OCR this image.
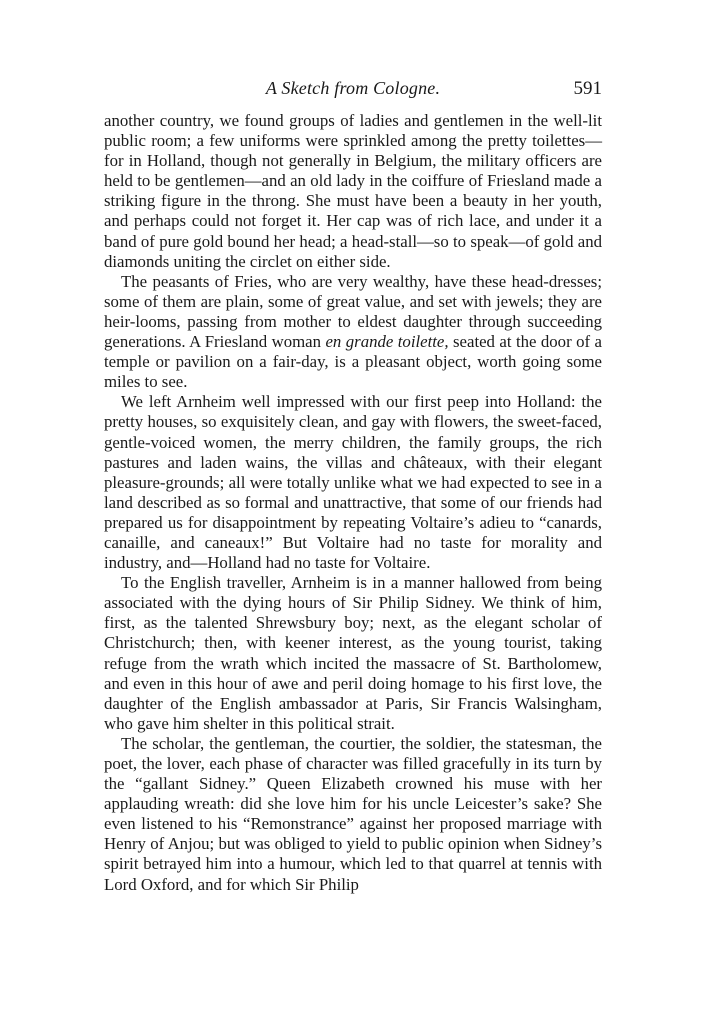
A Sketch from Cologne.	591

another country, we found groups of ladies and gentlemen in the well-lit public room; a few uniforms were sprinkled among the pretty toilettes—for in Holland, though not generally in Belgium, the military officers are held to be gentlemen—and an old lady in the coiffure of Friesland made a striking figure in the throng. She must have been a beauty in her youth, and perhaps could not forget it. Her cap was of rich lace, and under it a band of pure gold bound her head; a head-stall—so to speak—of gold and diamonds uniting the circlet on either side.

The peasants of Fries, who are very wealthy, have these head-dresses; some of them are plain, some of great value, and set with jewels; they are heir-looms, passing from mother to eldest daughter through succeeding generations. A Friesland woman en grande toilette, seated at the door of a temple or pavilion on a fair-day, is a pleasant object, worth going some miles to see.

We left Arnheim well impressed with our first peep into Holland: the pretty houses, so exquisitely clean, and gay with flowers, the sweet-faced, gentle-voiced women, the merry children, the family groups, the rich pastures and laden wains, the villas and châteaux, with their elegant pleasure-grounds; all were totally unlike what we had expected to see in a land described as so formal and unattractive, that some of our friends had prepared us for disappointment by repeating Voltaire’s adieu to “canards, canaille, and caneaux!” But Voltaire had no taste for morality and industry, and—Holland had no taste for Voltaire.

To the English traveller, Arnheim is in a manner hallowed from being associated with the dying hours of Sir Philip Sidney. We think of him, first, as the talented Shrewsbury boy; next, as the elegant scholar of Christchurch; then, with keener interest, as the young tourist, taking refuge from the wrath which incited the massacre of St. Bartholomew, and even in this hour of awe and peril doing homage to his first love, the daughter of the English ambassador at Paris, Sir Francis Walsingham, who gave him shelter in this political strait.

The scholar, the gentleman, the courtier, the soldier, the statesman, the poet, the lover, each phase of character was filled gracefully in its turn by the “gallant Sidney.” Queen Elizabeth crowned his muse with her applauding wreath: did she love him for his uncle Leicester’s sake? She even listened to his “Remonstrance” against her proposed marriage with Henry of Anjou; but was obliged to yield to public opinion when Sidney’s spirit betrayed him into a humour, which led to that quarrel at tennis with Lord Oxford, and for which Sir Philip
